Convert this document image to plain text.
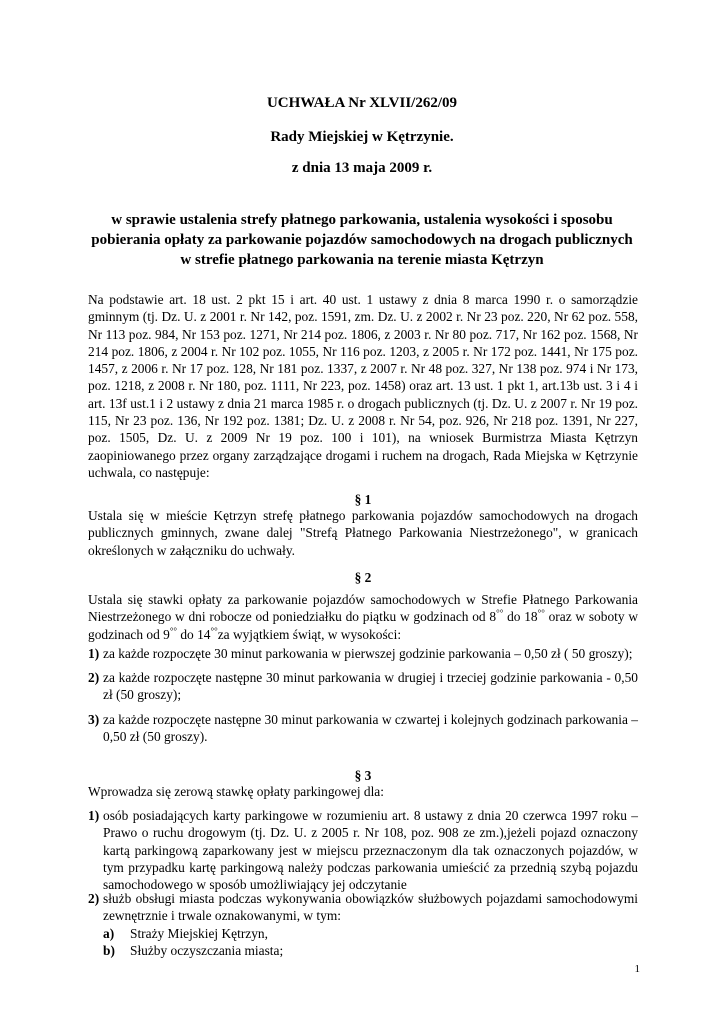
UCHWAŁA Nr XLVII/262/09
Rady Miejskiej w Kętrzynie.
z dnia 13 maja 2009 r.
w sprawie ustalenia strefy płatnego parkowania, ustalenia wysokości i sposobu pobierania opłaty za parkowanie pojazdów samochodowych na drogach publicznych w strefie płatnego parkowania na terenie miasta Kętrzyn
Na podstawie art. 18 ust. 2 pkt 15 i art. 40 ust. 1 ustawy z dnia 8 marca 1990 r. o samorządzie gminnym (tj. Dz. U. z 2001 r. Nr 142, poz. 1591, zm. Dz. U. z 2002 r. Nr 23 poz. 220, Nr 62 poz. 558, Nr 113 poz. 984, Nr 153 poz. 1271, Nr 214 poz. 1806, z 2003 r. Nr 80 poz. 717, Nr 162 poz. 1568, Nr 214 poz. 1806, z 2004 r. Nr 102 poz. 1055, Nr 116 poz. 1203, z 2005 r. Nr 172 poz. 1441, Nr 175 poz. 1457, z 2006 r. Nr 17 poz. 128, Nr 181 poz. 1337, z 2007 r. Nr 48 poz. 327, Nr 138 poz. 974 i Nr 173, poz. 1218, z 2008 r. Nr 180, poz. 1111, Nr 223, poz. 1458) oraz art. 13 ust. 1 pkt 1, art.13b ust. 3 i 4 i art. 13f ust.1 i 2 ustawy z dnia 21 marca 1985 r. o drogach publicznych (tj. Dz. U. z 2007 r. Nr 19 poz. 115, Nr 23 poz. 136, Nr 192 poz. 1381; Dz. U. z 2008 r. Nr 54, poz. 926, Nr 218 poz. 1391, Nr 227, poz. 1505, Dz. U. z 2009 Nr 19 poz. 100 i 101), na wniosek Burmistrza Miasta Kętrzyn zaopiniowanego przez organy zarządzające drogami i ruchem na drogach, Rada Miejska w Kętrzynie uchwala, co następuje:
§ 1
Ustala się w mieście Kętrzyn strefę płatnego parkowania pojazdów samochodowych na drogach publicznych gminnych, zwane dalej "Strefą Płatnego Parkowania Niestrzeżonego", w granicach określonych w załączniku do uchwały.
§ 2
Ustala się stawki opłaty za parkowanie pojazdów samochodowych w Strefie Płatnego Parkowania Niestrzeżonego w dni robocze od poniedziałku do piątku w godzinach od 8°° do 18°° oraz w soboty w godzinach od 9°° do 14°°za wyjątkiem świąt, w wysokości:
1) za każde rozpoczęte 30 minut parkowania w pierwszej godzinie parkowania – 0,50 zł ( 50 groszy);
2) za każde rozpoczęte następne 30 minut parkowania w drugiej i trzeciej godzinie parkowania - 0,50 zł (50 groszy);
3) za każde rozpoczęte następne 30 minut parkowania w czwartej i kolejnych godzinach parkowania – 0,50 zł (50 groszy).
§ 3
Wprowadza się zerową stawkę opłaty parkingowej dla:
1) osób posiadających karty parkingowe w rozumieniu art. 8 ustawy z dnia 20 czerwca 1997 roku – Prawo o ruchu drogowym (tj. Dz. U. z 2005 r. Nr 108, poz. 908 ze zm.),jeżeli pojazd oznaczony kartą parkingową zaparkowany jest w miejscu przeznaczonym dla tak oznaczonych pojazdów, w tym przypadku kartę parkingową należy podczas parkowania umieścić za przednią szybą pojazdu samochodowego w sposób umożliwiający jej odczytanie
2) służb obsługi miasta podczas wykonywania obowiązków służbowych pojazdami samochodowymi zewnętrznie i trwale oznakowanymi, w tym:
a) Straży Miejskiej Kętrzyn,
b) Służby oczyszczania miasta;
1
